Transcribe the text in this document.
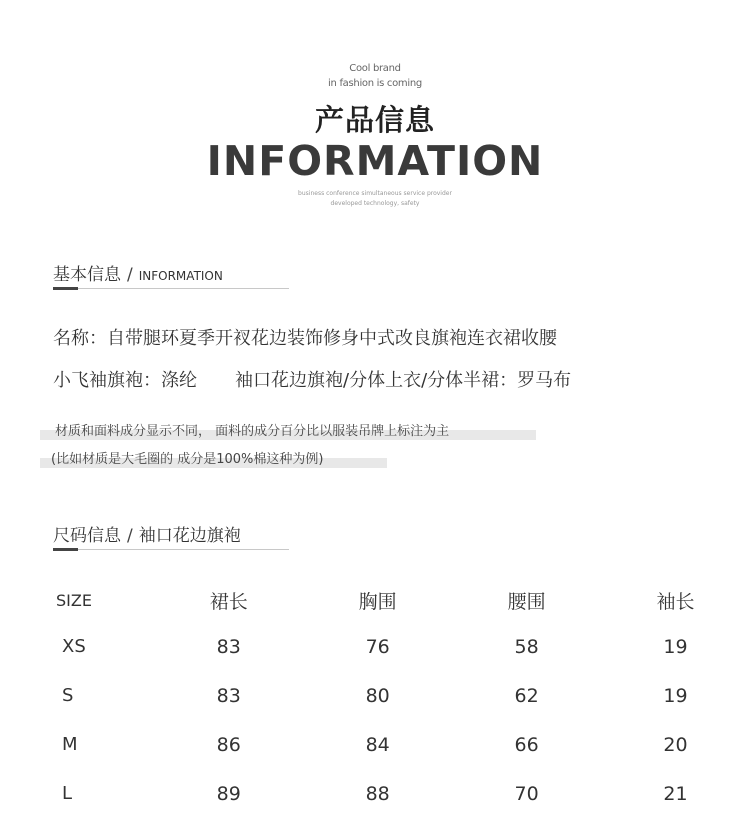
Cool brand
in fashion is coming
产品信息
INFORMATION
business conference simultaneous service provider
developed technology, safety
基本信息 / INFORMATION
名称：自带腿环夏季开衩花边装饰修身中式改良旗袍连衣裙收腰
小飞袖旗袍：涤纶 袖口花边旗袍/分体上衣/分体半裙：罗马布
材质和面料成分显示不同， 面料的成分百分比以服装吊牌上标注为主
(比如材质是大毛圈的 成分是100%棉这种为例)
尺码信息 / 袖口花边旗袍
SIZE	裙长	胸围	腰围	袖长
XS	83	76	58	19
S	83	80	62	19
M	86	84	66	20
L	89	88	70	21
